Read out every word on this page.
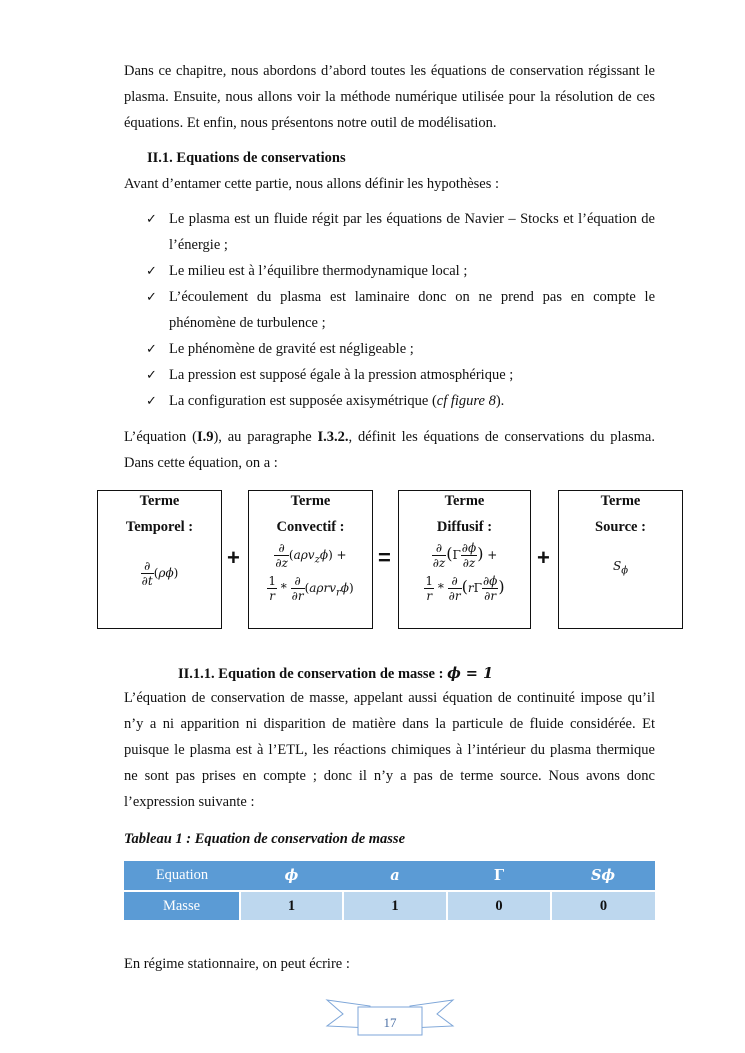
Dans ce chapitre, nous abordons d’abord toutes les équations de conservation régissant le
plasma. Ensuite, nous allons voir la méthode numérique utilisée pour la résolution de ces
équations. Et enfin, nous présentons notre outil de modélisation.
II.1. Equations de conservations
Avant d’entamer cette partie, nous allons définir les hypothèses :
✓ Le plasma est un fluide régit par les équations de Navier – Stocks et l’équation de
l’énergie ;
✓ Le milieu est à l’équilibre thermodynamique local ;
✓ L’écoulement du plasma est laminaire donc on ne prend pas en compte le
phénomène de turbulence ;
✓ Le phénomène de gravité est négligeable ;
✓ La pression est supposé égale à la pression atmosphérique ;
✓ La configuration est supposée axisymétrique (cf figure 8).
L’équation (I.9), au paragraphe I.3.2., définit les équations de conservations du plasma.
Dans cette équation, on a :
Terme
Temporel :
$\frac{\partial}{\partial t} (\rho\phi)$
+
Terme
Convectif :
$\frac{\partial}{\partial z} (a\rho v_z\phi)$ +
$\frac{1}{r} * \frac{\partial}{\partial r} (a\rho rv_r\phi)$
=
Terme
Diffusif :
$\frac{\partial}{\partial z} (\Gamma \frac{\partial\phi}{\partial z}$ ) +
$\frac{1}{r} * \frac{\partial}{\partial r} (r\Gamma \frac{\partial\phi}{\partial r}$ )
+
Terme
Source :
$S_\phi$
II.1.1. Equation de conservation de masse : ϕ = 1
L’équation de conservation de masse, appelant aussi équation de continuité impose qu’il
n’y a ni apparition ni disparition de matière dans la particule de fluide considérée. Et
puisque le plasma est à l’ETL, les réactions chimiques à l’intérieur du plasma thermique
ne sont pas prises en compte ; donc il n’y a pas de terme source. Nous avons donc
l’expression suivante :
Tableau 1 : Equation de conservation de masse
Equation	ϕ	a	Γ	Sϕ
Masse	1	1	0	0
En régime stationnaire, on peut écrire :
17
